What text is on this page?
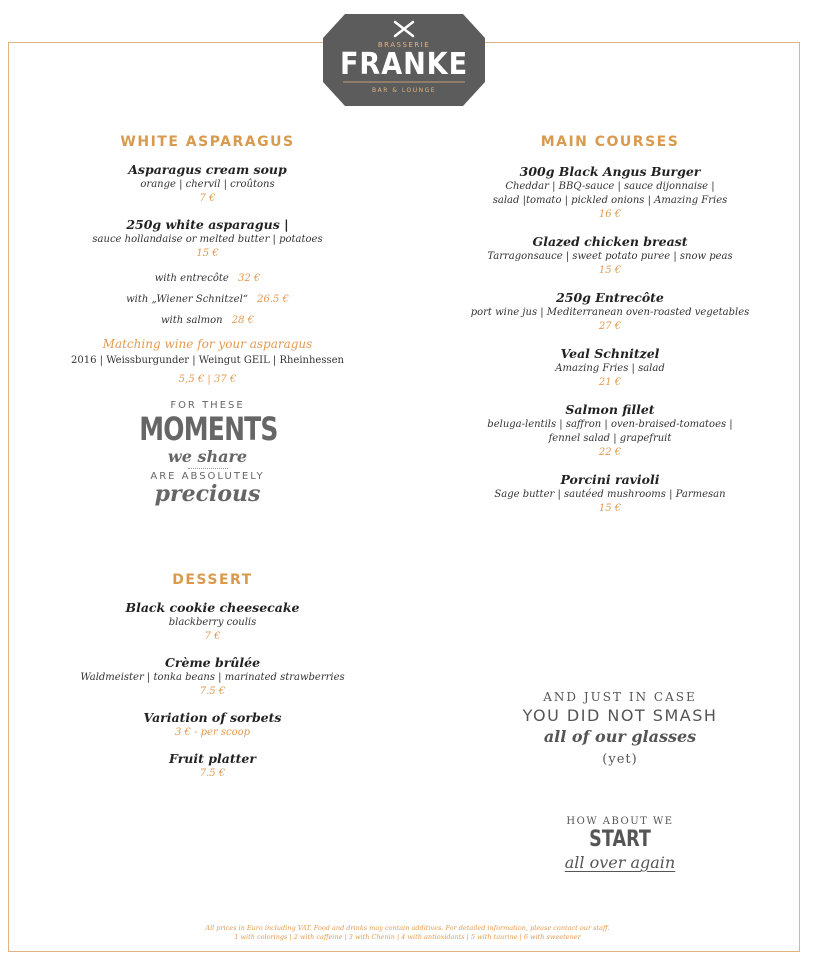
BRASSERIE
FRANKE
BAR & LOUNGE
WHITE ASPARAGUS
Asparagus cream soup
orange | chervil | croûtons
7 €
250g white asparagus |
sauce hollandaise or melted butter | potatoes
15 €
with entrecôte 32 €
with „Wiener Schnitzel“ 26.5 €
with salmon 28 €
Matching wine for your asparagus
2016 | Weissburgunder | Weingut GEIL | Rheinhessen
5,5 € | 37 €
FOR THESE
MOMENTS
we share
ARE ABSOLUTELY
precious
DESSERT
Black cookie cheesecake
blackberry coulis
7 €
Crème brûlée
Waldmeister | tonka beans | marinated strawberries
7.5 €
Variation of sorbets
3 € - per scoop
Fruit platter
7.5 €
MAIN COURSES
300g Black Angus Burger
Cheddar | BBQ-sauce | sauce dijonnaise |
salad |tomato | pickled onions | Amazing Fries
16 €
Glazed chicken breast
Tarragonsauce | sweet potato puree | snow peas
15 €
250g Entrecôte
port wine jus | Mediterranean oven-roasted vegetables
27 €
Veal Schnitzel
Amazing Fries | salad
21 €
Salmon fillet
beluga-lentils | saffron | oven-braised-tomatoes |
fennel salad | grapefruit
22 €
Porcini ravioli
Sage butter | sautéed mushrooms | Parmesan
15 €
AND JUST IN CASE
YOU DID NOT SMASH
all of our glasses
(yet)
HOW ABOUT WE
START
all over again
All prices in Euro including VAT. Food and drinks may contain additives. For detailed information, please contact our staff.
1 with colorings | 2 with caffeine | 3 with Chenin | 4 with antioxidants | 5 with taurine | 6 with sweetener
